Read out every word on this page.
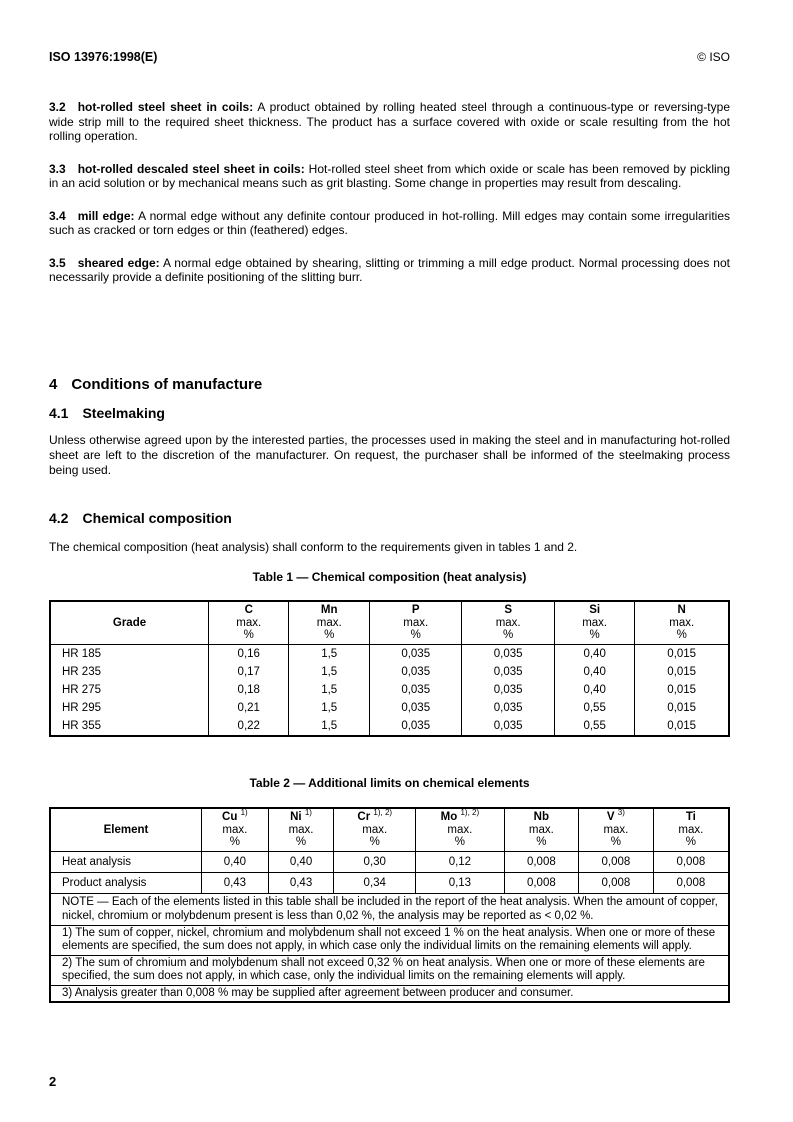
ISO 13976:1998(E)	© ISO

3.2 hot-rolled steel sheet in coils: A product obtained by rolling heated steel through a continuous-type or reversing-type wide strip mill to the required sheet thickness. The product has a surface covered with oxide or scale resulting from the hot rolling operation.

3.3 hot-rolled descaled steel sheet in coils: Hot-rolled steel sheet from which oxide or scale has been removed by pickling in an acid solution or by mechanical means such as grit blasting. Some change in properties may result from descaling.

3.4 mill edge: A normal edge without any definite contour produced in hot-rolling. Mill edges may contain some irregularities such as cracked or torn edges or thin (feathered) edges.

3.5 sheared edge: A normal edge obtained by shearing, slitting or trimming a mill edge product. Normal processing does not necessarily provide a definite positioning of the slitting burr.

4 Conditions of manufacture
4.1 Steelmaking

Unless otherwise agreed upon by the interested parties, the processes used in making the steel and in manufacturing hot-rolled sheet are left to the discretion of the manufacturer. On request, the purchaser shall be informed of the steelmaking process being used.

4.2 Chemical composition

The chemical composition (heat analysis) shall conform to the requirements given in tables 1 and 2.

Table 1 — Chemical composition (heat analysis)
Grade	C
max.
%	Mn
max.
%	P
max.
%	S
max.
%	Si
max.
%	N
max.
%
HR 185	0,16	1,5	0,035	0,035	0,40	0,015
HR 235	0,17	1,5	0,035	0,035	0,40	0,015
HR 275	0,18	1,5	0,035	0,035	0,40	0,015
HR 295	0,21	1,5	0,035	0,035	0,55	0,015
HR 355	0,22	1,5	0,035	0,035	0,55	0,015
Table 2 — Additional limits on chemical elements
Element	Cu $^{1)}$
max.
%	Ni $^{1)}$
max.
%	Cr $^{1), 2)}$
max.
%	Mo $^{1), 2)}$
max.
%	Nb
max.
%	V $^{3)}$
max.
%	Ti
max.
%
Heat analysis	0,40	0,40	0,30	0,12	0,008	0,008	0,008
Product analysis	0,43	0,43	0,34	0,13	0,008	0,008	0,008
NOTE — Each of the elements listed in this table shall be included in the report of the heat analysis. When the amount of copper, nickel, chromium or molybdenum present is less than 0,02 %, the analysis may be reported as < 0,02 %.							
1) The sum of copper, nickel, chromium and molybdenum shall not exceed 1 % on the heat analysis. When one or more of these elements are specified, the sum does not apply, in which case only the individual limits on the remaining elements will apply.							
2) The sum of chromium and molybdenum shall not exceed 0,32 % on heat analysis. When one or more of these elements are specified, the sum does not apply, in which case, only the individual limits on the remaining elements will apply.							
3) Analysis greater than 0,008 % may be supplied after agreement between producer and consumer.							
2
